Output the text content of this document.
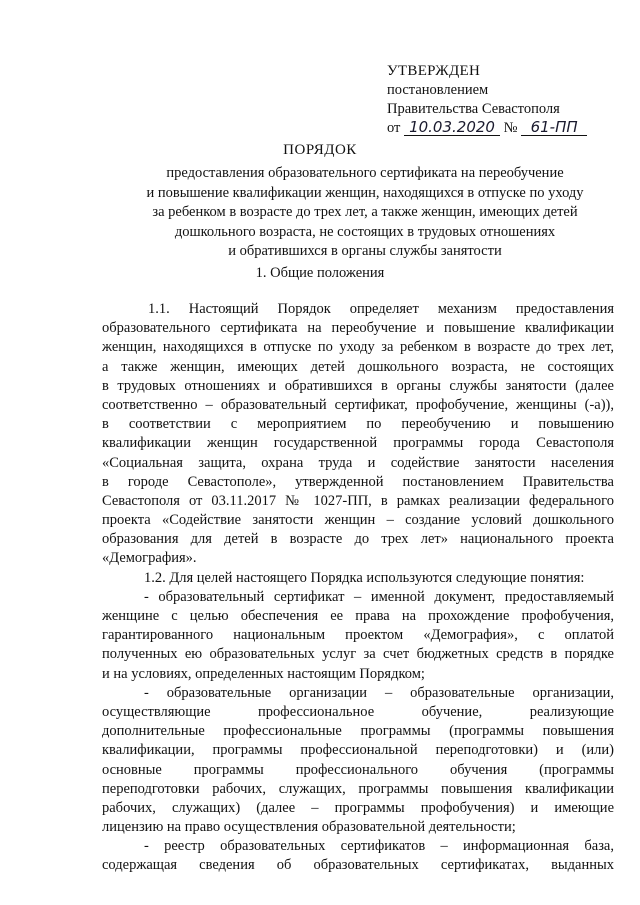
УТВЕРЖДЕН
постановлением
Правительства Севастополя
от 10.03.2020 № 61-ПП
ПОРЯДОК
предоставления образовательного сертификата на переобучение
и повышение квалификации женщин, находящихся в отпуске по уходу
за ребенком в возрасте до трех лет, а также женщин, имеющих детей
дошкольного возраста, не состоящих в трудовых отношениях
и обратившихся в органы службы занятости
1. Общие положения
1.1. Настоящий Порядок определяет механизм предоставления
образовательного сертификата на переобучение и повышение квалификации
женщин, находящихся в отпуске по уходу за ребенком в возрасте до трех лет,
а также женщин, имеющих детей дошкольного возраста, не состоящих
в трудовых отношениях и обратившихся в органы службы занятости (далее
соответственно – образовательный сертификат, профобучение, женщины (-а)),
в соответствии с мероприятием по переобучению и повышению
квалификации женщин государственной программы города Севастополя
«Социальная защита, охрана труда и содействие занятости населения
в городе Севастополе», утвержденной постановлением Правительства
Севастополя от 03.11.2017 № 1027-ПП, в рамках реализации федерального
проекта «Содействие занятости женщин – создание условий дошкольного
образования для детей в возрасте до трех лет» национального проекта
«Демография».
1.2. Для целей настоящего Порядка используются следующие понятия:
- образовательный сертификат – именной документ, предоставляемый
женщине с целью обеспечения ее права на прохождение профобучения,
гарантированного национальным проектом «Демография», с оплатой
полученных ею образовательных услуг за счет бюджетных средств в порядке
и на условиях, определенных настоящим Порядком;
- образовательные организации – образовательные организации,
осуществляющие профессиональное обучение, реализующие
дополнительные профессиональные программы (программы повышения
квалификации, программы профессиональной переподготовки) и (или)
основные программы профессионального обучения (программы
переподготовки рабочих, служащих, программы повышения квалификации
рабочих, служащих) (далее – программы профобучения) и имеющие
лицензию на право осуществления образовательной деятельности;
- реестр образовательных сертификатов – информационная база,
содержащая сведения об образовательных сертификатах, выданных
